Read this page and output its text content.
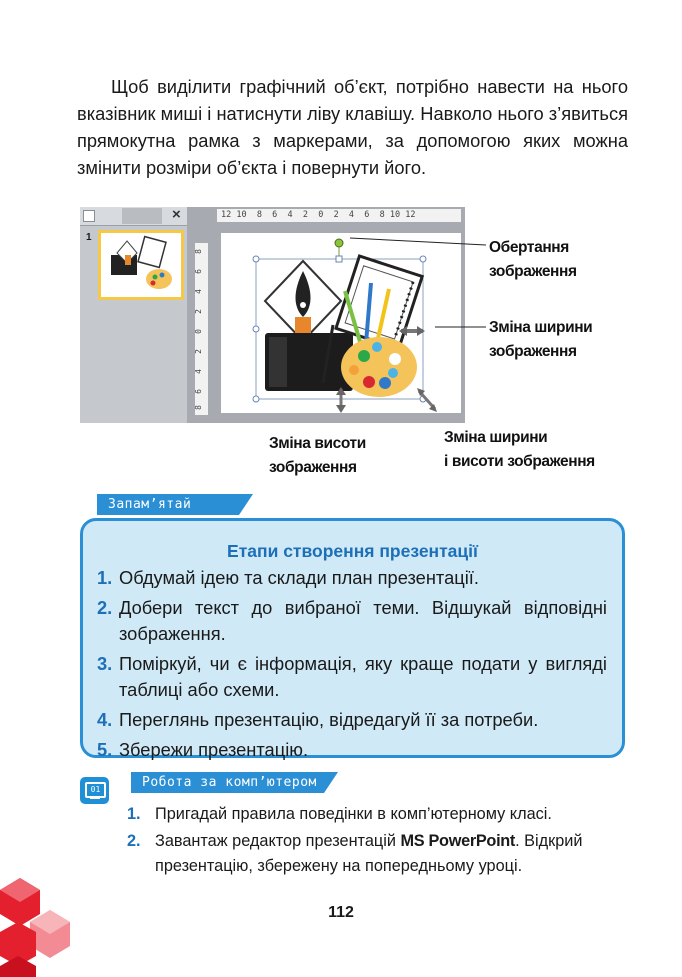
Щоб виділити графічний об’єкт, потрібно навести на нього вказівник миші і натиснути ліву клавішу. Навколо нього з’явиться прямокутна рамка з маркерами, за допомогою яких можна змінити розміри об’єкта і повернути його.

×
1
12 10  8  6  4  2  0  2  4  6  8 10 12
8
6
4
2
0
2
4
6
8
Обертання
зображення
Зміна ширини
зображення
Зміна висоти
зображення
Зміна ширини
і висоти зображення
Запам’ятай
Етапи створення презентації
1. Обдумай ідею та склади план презентації.
2. Добери текст до вибраної теми. Відшукай відповідні зображення.
3. Поміркуй, чи є інформація, яку краще подати у вигляді таблиці або схеми.
4. Переглянь презентацію, відредагуй її за потреби.
5. Збережи презентацію.
01	Робота за комп’ютером
1. Пригадай правила поведінки в комп’ютерному класі.
2. Завантаж редактор презентацій MS PowerPoint. Відкрий презентацію, збережену на попередньому уроці.
112
